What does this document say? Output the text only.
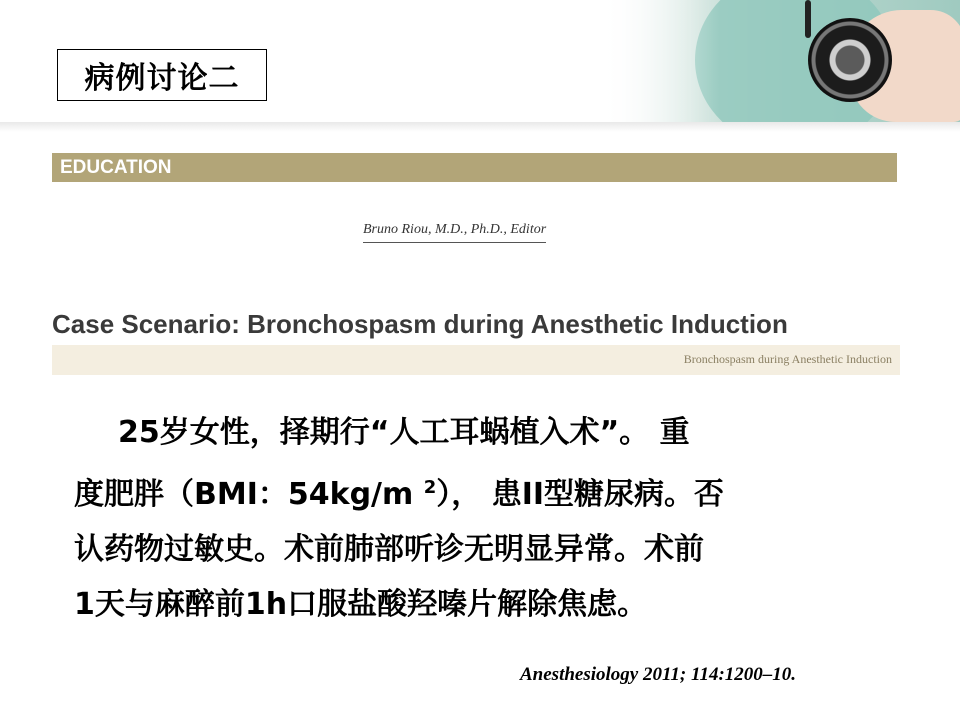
病例讨论二
EDUCATION
Bruno Riou, M.D., Ph.D., Editor
Case Scenario: Bronchospasm during Anesthetic Induction
Bronchospasm during Anesthetic Induction

25岁女性，择期行“人工耳蜗植入术”。 重

度肥胖（BMI：54kg/m $^2$）， 患II型糖尿病。否

认药物过敏史。术前肺部听诊无明显异常。术前

1天与麻醉前1h口服盐酸羟嗪片解除焦虑。

Anesthesiology 2011; 114:1200–10.
